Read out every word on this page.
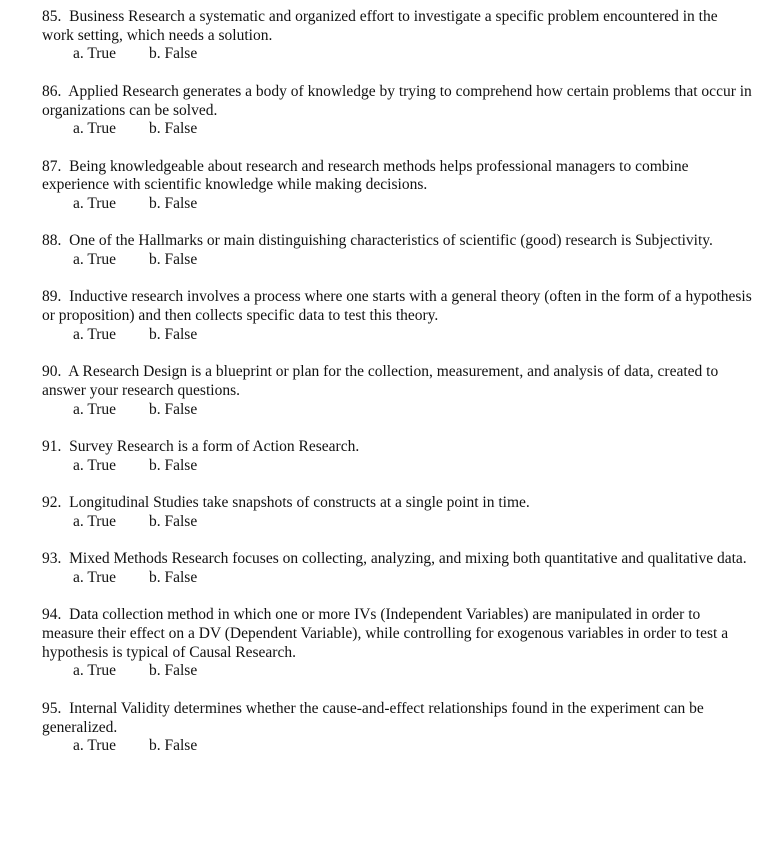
85. Business Research a systematic and organized effort to investigate a specific problem encountered in the work setting, which needs a solution.

a. True	b. False

86. Applied Research generates a body of knowledge by trying to comprehend how certain problems that occur in organizations can be solved.

a. True	b. False

87. Being knowledgeable about research and research methods helps professional managers to combine experience with scientific knowledge while making decisions.

a. True	b. False

88. One of the Hallmarks or main distinguishing characteristics of scientific (good) research is Subjectivity.

a. True	b. False

89. Inductive research involves a process where one starts with a general theory (often in the form of a hypothesis or proposition) and then collects specific data to test this theory.

a. True	b. False

90. A Research Design is a blueprint or plan for the collection, measurement, and analysis of data, created to answer your research questions.

a. True	b. False

91. Survey Research is a form of Action Research.

a. True	b. False

92. Longitudinal Studies take snapshots of constructs at a single point in time.

a. True	b. False

93. Mixed Methods Research focuses on collecting, analyzing, and mixing both quantitative and qualitative data.

a. True	b. False

94. Data collection method in which one or more IVs (Independent Variables) are manipulated in order to measure their effect on a DV (Dependent Variable), while controlling for exogenous variables in order to test a hypothesis is typical of Causal Research.

a. True	b. False

95. Internal Validity determines whether the cause-and-effect relationships found in the experiment can be generalized.

a. True	b. False
